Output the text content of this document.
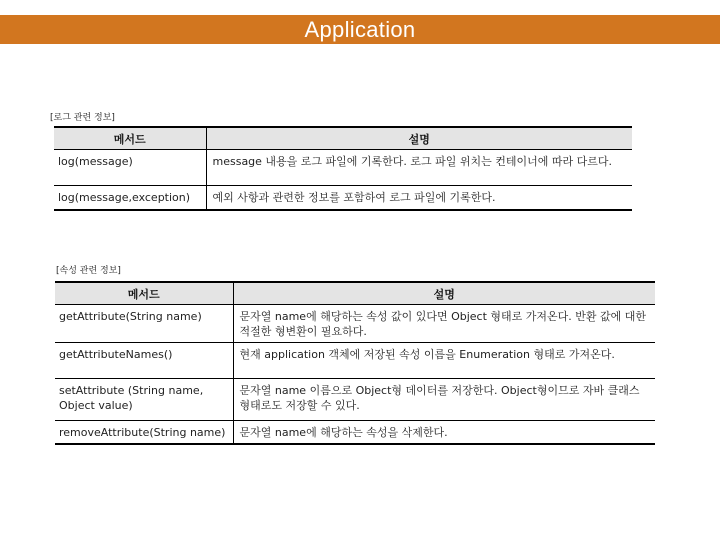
Application
[로그 관련 정보]
메서드	설명
log(message)	message 내용을 로그 파일에 기록한다. 로그 파일 위치는 컨테이너에 따라 다르다.
log(message,exception)	예외 사항과 관련한 정보를 포함하여 로그 파일에 기록한다.
[속성 관련 정보]
메서드	설명
getAttribute(String name)	문자열 name에 해당하는 속성 값이 있다면 Object 형태로 가져온다. 반환 값에 대한 적절한 형변환이 필요하다.
getAttributeNames()	현재 application 객체에 저장된 속성 이름을 Enumeration 형태로 가져온다.
setAttribute (String name, Object value)	문자열 name 이름으로 Object형 데이터를 저장한다. Object형이므로 자바 클래스 형태로도 저장할 수 있다.
removeAttribute(String name)	문자열 name에 해당하는 속성을 삭제한다.
